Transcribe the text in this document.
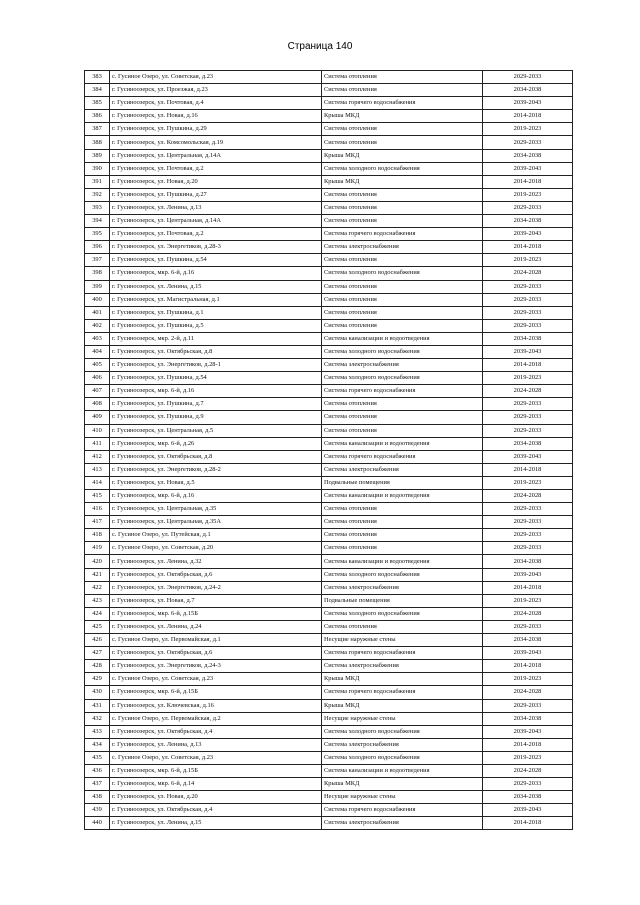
Страница 140
383	с. Гусиное Озеро, ул. Советская, д.23	Система отопления	2029-2033
384	г. Гусиноозерск, ул. Проезжая, д.23	Система отопления	2034-2038
385	г. Гусиноозерск, ул. Почтовая, д.4	Система горячего водоснабжения	2039-2043
386	г. Гусиноозерск, ул. Новая, д.16	Крыша МКД	2014-2018
387	г. Гусиноозерск, ул. Пушкина, д.29	Система отопления	2019-2023
388	г. Гусиноозерск, ул. Комсомольская, д.19	Система отопления	2029-2033
389	г. Гусиноозерск, ул. Центральная, д.14А	Крыша МКД	2034-2038
390	г. Гусиноозерск, ул. Почтовая, д.2	Система холодного водоснабжения	2039-2043
391	г. Гусиноозерск, ул. Новая, д.20	Крыша МКД	2014-2018
392	г. Гусиноозерск, ул. Пушкина, д.27	Система отопления	2019-2023
393	г. Гусиноозерск, ул. Ленина, д.13	Система отопления	2029-2033
394	г. Гусиноозерск, ул. Центральная, д.14А	Система отопления	2034-2038
395	г. Гусиноозерск, ул. Почтовая, д.2	Система горячего водоснабжения	2039-2043
396	г. Гусиноозерск, ул. Энергетиков, д.28-3	Система электроснабжения	2014-2018
397	г. Гусиноозерск, ул. Пушкина, д.54	Система отопления	2019-2023
398	г. Гусиноозерск, мкр. 6-й, д.16	Система холодного водоснабжения	2024-2028
399	г. Гусиноозерск, ул. Ленина, д.15	Система отопления	2029-2033
400	г. Гусиноозерск, ул. Магистральная, д.1	Система отопления	2029-2033
401	г. Гусиноозерск, ул. Пушкина, д.1	Система отопления	2029-2033
402	г. Гусиноозерск, ул. Пушкина, д.5	Система отопления	2029-2033
403	г. Гусиноозерск, мкр. 2-й, д.11	Система канализации и водоотведения	2034-2038
404	г. Гусиноозерск, ул. Октябрьская, д.8	Система холодного водоснабжения	2039-2043
405	г. Гусиноозерск, ул. Энергетиков, д.28-1	Система электроснабжения	2014-2018
406	г. Гусиноозерск, ул. Пушкина, д.54	Система холодного водоснабжения	2019-2023
407	г. Гусиноозерск, мкр. 6-й, д.16	Система горячего водоснабжения	2024-2028
408	г. Гусиноозерск, ул. Пушкина, д.7	Система отопления	2029-2033
409	г. Гусиноозерск, ул. Пушкина, д.9	Система отопления	2029-2033
410	г. Гусиноозерск, ул. Центральная, д.5	Система отопления	2029-2033
411	г. Гусиноозерск, мкр. 6-й, д.26	Система канализации и водоотведения	2034-2038
412	г. Гусиноозерск, ул. Октябрьская, д.8	Система горячего водоснабжения	2039-2043
413	г. Гусиноозерск, ул. Энергетиков, д.28-2	Система электроснабжения	2014-2018
414	г. Гусиноозерск, ул. Новая, д.5	Подвальные помещения	2019-2023
415	г. Гусиноозерск, мкр. 6-й, д.16	Система канализации и водоотведения	2024-2028
416	г. Гусиноозерск, ул. Центральная, д.35	Система отопления	2029-2033
417	г. Гусиноозерск, ул. Центральная, д.35А	Система отопления	2029-2033
418	с. Гусиное Озеро, ул. Путейская, д.1	Система отопления	2029-2033
419	с. Гусиное Озеро, ул. Советская, д.20	Система отопления	2029-2033
420	г. Гусиноозерск, ул. Ленина, д.32	Система канализации и водоотведения	2034-2038
421	г. Гусиноозерск, ул. Октябрьская, д.6	Система холодного водоснабжения	2039-2043
422	г. Гусиноозерск, ул. Энергетиков, д.24-2	Система электроснабжения	2014-2018
423	г. Гусиноозерск, ул. Новая, д.7	Подвальные помещения	2019-2023
424	г. Гусиноозерск, мкр. 6-й, д.15Б	Система холодного водоснабжения	2024-2028
425	г. Гусиноозерск, ул. Ленина, д.24	Система отопления	2029-2033
426	с. Гусиное Озеро, ул. Первомайская, д.1	Несущие наружные стены	2034-2038
427	г. Гусиноозерск, ул. Октябрьская, д.6	Система горячего водоснабжения	2039-2043
428	г. Гусиноозерск, ул. Энергетиков, д.24-3	Система электроснабжения	2014-2018
429	с. Гусиное Озеро, ул. Советская, д.23	Крыша МКД	2019-2023
430	г. Гусиноозерск, мкр. 6-й, д.15Б	Система горячего водоснабжения	2024-2028
431	г. Гусиноозерск, ул. Ключевская, д.16	Крыша МКД	2029-2033
432	с. Гусиное Озеро, ул. Первомайская, д.2	Несущие наружные стены	2034-2038
433	г. Гусиноозерск, ул. Октябрьская, д.4	Система холодного водоснабжения	2039-2043
434	г. Гусиноозерск, ул. Ленина, д.13	Система электроснабжения	2014-2018
435	с. Гусиное Озеро, ул. Советская, д.23	Система холодного водоснабжения	2019-2023
436	г. Гусиноозерск, мкр. 6-й, д.15Б	Система канализации и водоотведения	2024-2028
437	г. Гусиноозерск, мкр. 6-й, д.14	Крыша МКД	2029-2033
438	г. Гусиноозерск, ул. Новая, д.20	Несущие наружные стены	2034-2038
439	г. Гусиноозерск, ул. Октябрьская, д.4	Система горячего водоснабжения	2039-2043
440	г. Гусиноозерск, ул. Ленина, д.15	Система электроснабжения	2014-2018
